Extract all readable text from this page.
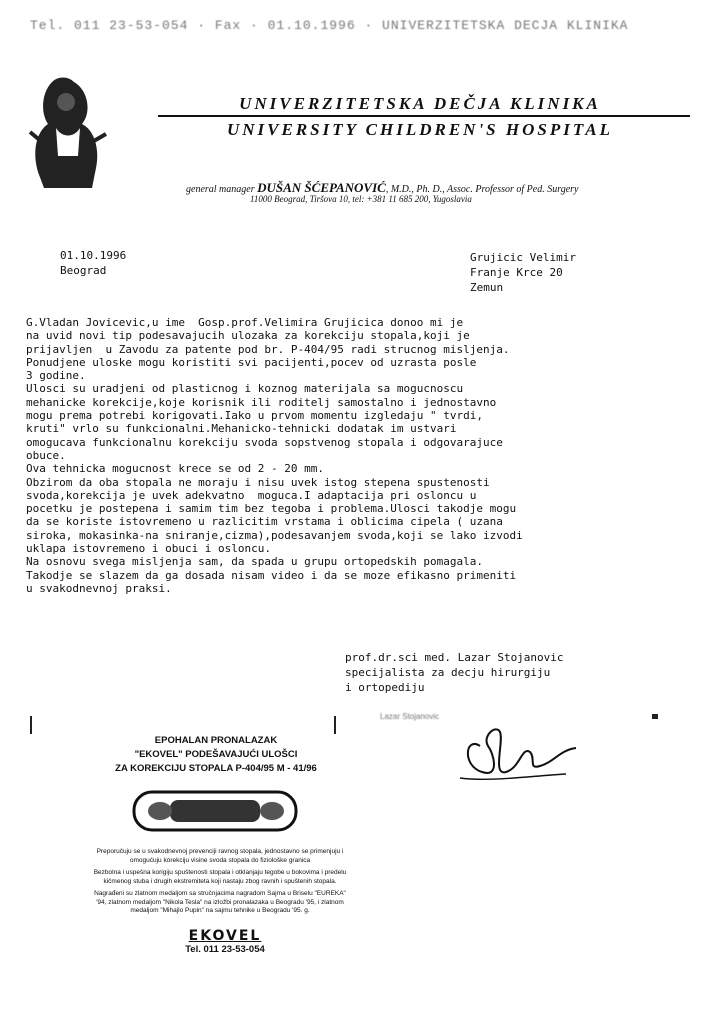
Tel. 011 23-53-054 · Fax · 01.10.1996 · UNIVERZITETSKA DECJA KLINIKA
UNIVERZITETSKA DEČJA KLINIKA
UNIVERSITY CHILDREN'S HOSPITAL
general manager DUŠAN ŠĆEPANOVIĆ, M.D., Ph. D., Assoc. Professor of Ped. Surgery
11000 Beograd, Tiršova 10, tel: +381 11 685 200, Yugoslavia
01.10.1996
Beograd
Grujicic Velimir
Franje Krce 20
Zemun
G.Vladan Jovicevic,u ime  Gosp.prof.Velimira Grujicica donoo mi je
na uvid novi tip podesavajucih ulozaka za korekciju stopala,koji je
prijavljen  u Zavodu za patente pod br. P-404/95 radi strucnog misljenja.
Ponudjene uloske mogu koristiti svi pacijenti,pocev od uzrasta posle
3 godine.
Ulosci su uradjeni od plasticnog i koznog materijala sa mogucnoscu
mehanicke korekcije,koje korisnik ili roditelj samostalno i jednostavno
mogu prema potrebi korigovati.Iako u prvom momentu izgledaju " tvrdi,
kruti" vrlo su funkcionalni.Mehanicko-tehnicki dodatak im ustvari
omogucava funkcionalnu korekciju svoda sopstvenog stopala i odgovarajuce
obuce.
Ova tehnicka mogucnost krece se od 2 - 20 mm.
Obzirom da oba stopala ne moraju i nisu uvek istog stepena spustenosti
svoda,korekcija je uvek adekvatno  moguca.I adaptacija pri osloncu u
pocetku je postepena i samim tim bez tegoba i problema.Ulosci takodje mogu
da se koriste istovremeno u razlicitim vrstama i oblicima cipela ( uzana
siroka, mokasinka-na sniranje,cizma),podesavanjem svoda,koji se lako izvodi
uklapa istovremeno i obuci i osloncu.
Na osnovu svega misljenja sam, da spada u grupu ortopedskih pomagala.
Takodje se slazem da ga dosada nisam video i da se moze efikasno primeniti
u svakodnevnoj praksi.
prof.dr.sci med. Lazar Stojanovic
specijalista za decju hirurgiju
i ortopediju
Lazar Stojanovic
EPOHALAN PRONALAZAK
"EKOVEL" PODEŠAVAJUĆI ULOŠCI
ZA KOREKCIJU STOPALA P-404/95 M - 41/96

Preporučuju se u svakodnevnoj prevenciji ravnog stopala, jednostavno se primenjuju i omogućuju korekciju visine svoda stopala do fiziološke granica

Bezbolna i uspešna korigiju spuštenosti stopala i otklanjaju tegobe u bokovima i predelu kičmenog stuba i drugih ekstremiteta koji nastaju zbog ravnih i spuštenih stopala.

Nagrađeni su zlatnom medaljom sa stručnjacima nagradom Sajma u Briselu "EUREKA" '94, zlatnom medaljom "Nikola Tesla" na izložbi pronalazaka u Beogradu '95, i zlatnom medaljom "Mihajlo Pupin" na sajmu tehnike u Beogradu '95. g.

EKOVEL
Tel. 011 23-53-054
